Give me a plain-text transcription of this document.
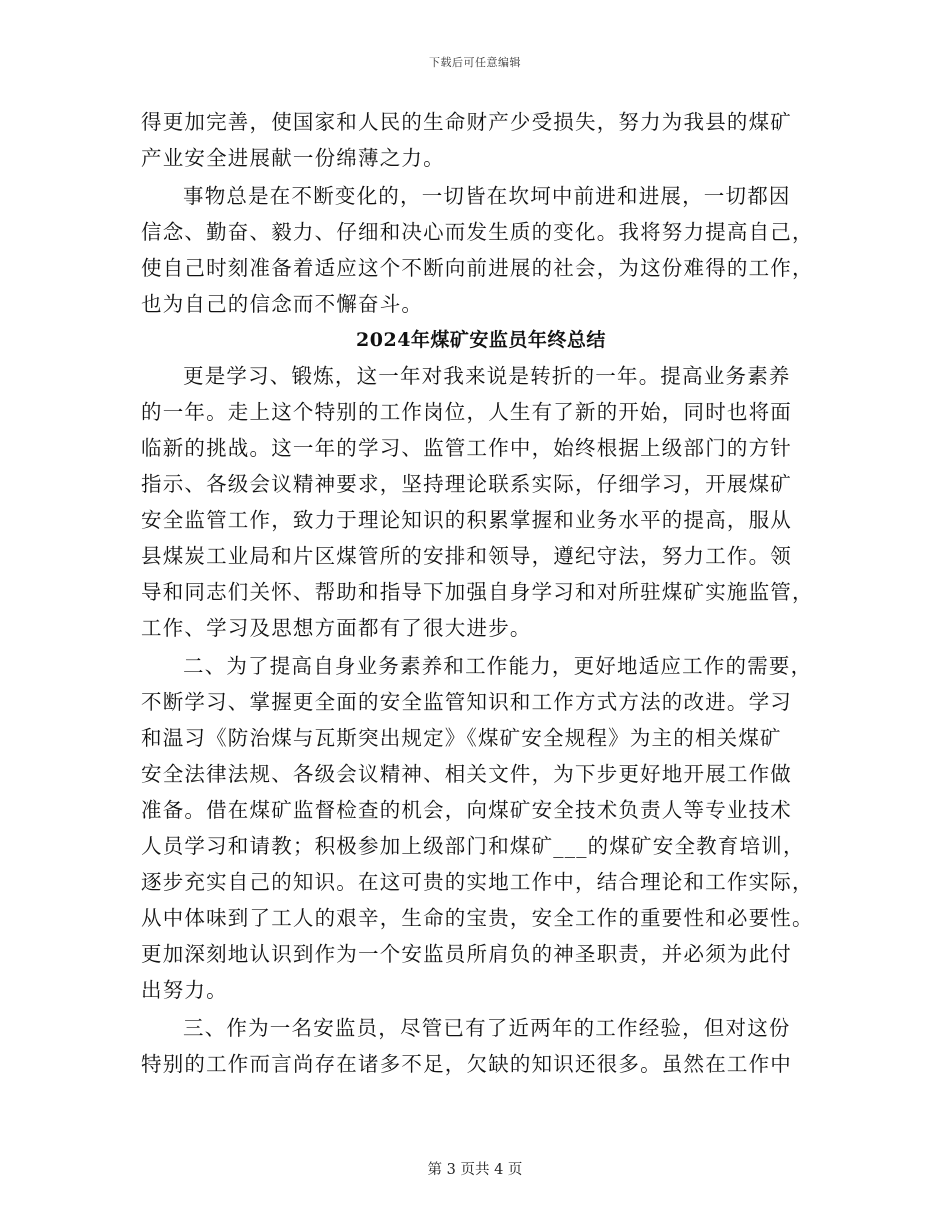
下载后可任意编辑
得更加完善，使国家和人民的生命财产少受损失，努力为我县的煤矿
产业安全进展献一份绵薄之力。
事物总是在不断变化的，一切皆在坎坷中前进和进展，一切都因
信念、勤奋、毅力、仔细和决心而发生质的变化。我将努力提高自己，
使自己时刻准备着适应这个不断向前进展的社会，为这份难得的工作，
也为自己的信念而不懈奋斗。
2024年煤矿安监员年终总结
更是学习、锻炼，这一年对我来说是转折的一年。提高业务素养
的一年。走上这个特别的工作岗位，人生有了新的开始，同时也将面
临新的挑战。这一年的学习、监管工作中，始终根据上级部门的方针
指示、各级会议精神要求，坚持理论联系实际，仔细学习，开展煤矿
安全监管工作，致力于理论知识的积累掌握和业务水平的提高，服从
县煤炭工业局和片区煤管所的安排和领导，遵纪守法，努力工作。领
导和同志们关怀、帮助和指导下加强自身学习和对所驻煤矿实施监管，
工作、学习及思想方面都有了很大进步。
二、为了提高自身业务素养和工作能力，更好地适应工作的需要，
不断学习、掌握更全面的安全监管知识和工作方式方法的改进。学习
和温习《防治煤与瓦斯突出规定》《煤矿安全规程》为主的相关煤矿
安全法律法规、各级会议精神、相关文件，为下步更好地开展工作做
准备。借在煤矿监督检查的机会，向煤矿安全技术负责人等专业技术
人员学习和请教；积极参加上级部门和煤矿___的煤矿安全教育培训，
逐步充实自己的知识。在这可贵的实地工作中，结合理论和工作实际，
从中体味到了工人的艰辛，生命的宝贵，安全工作的重要性和必要性。
更加深刻地认识到作为一个安监员所肩负的神圣职责，并必须为此付
出努力。
三、作为一名安监员，尽管已有了近两年的工作经验，但对这份
特别的工作而言尚存在诸多不足，欠缺的知识还很多。虽然在工作中
第 3 页共 4 页
